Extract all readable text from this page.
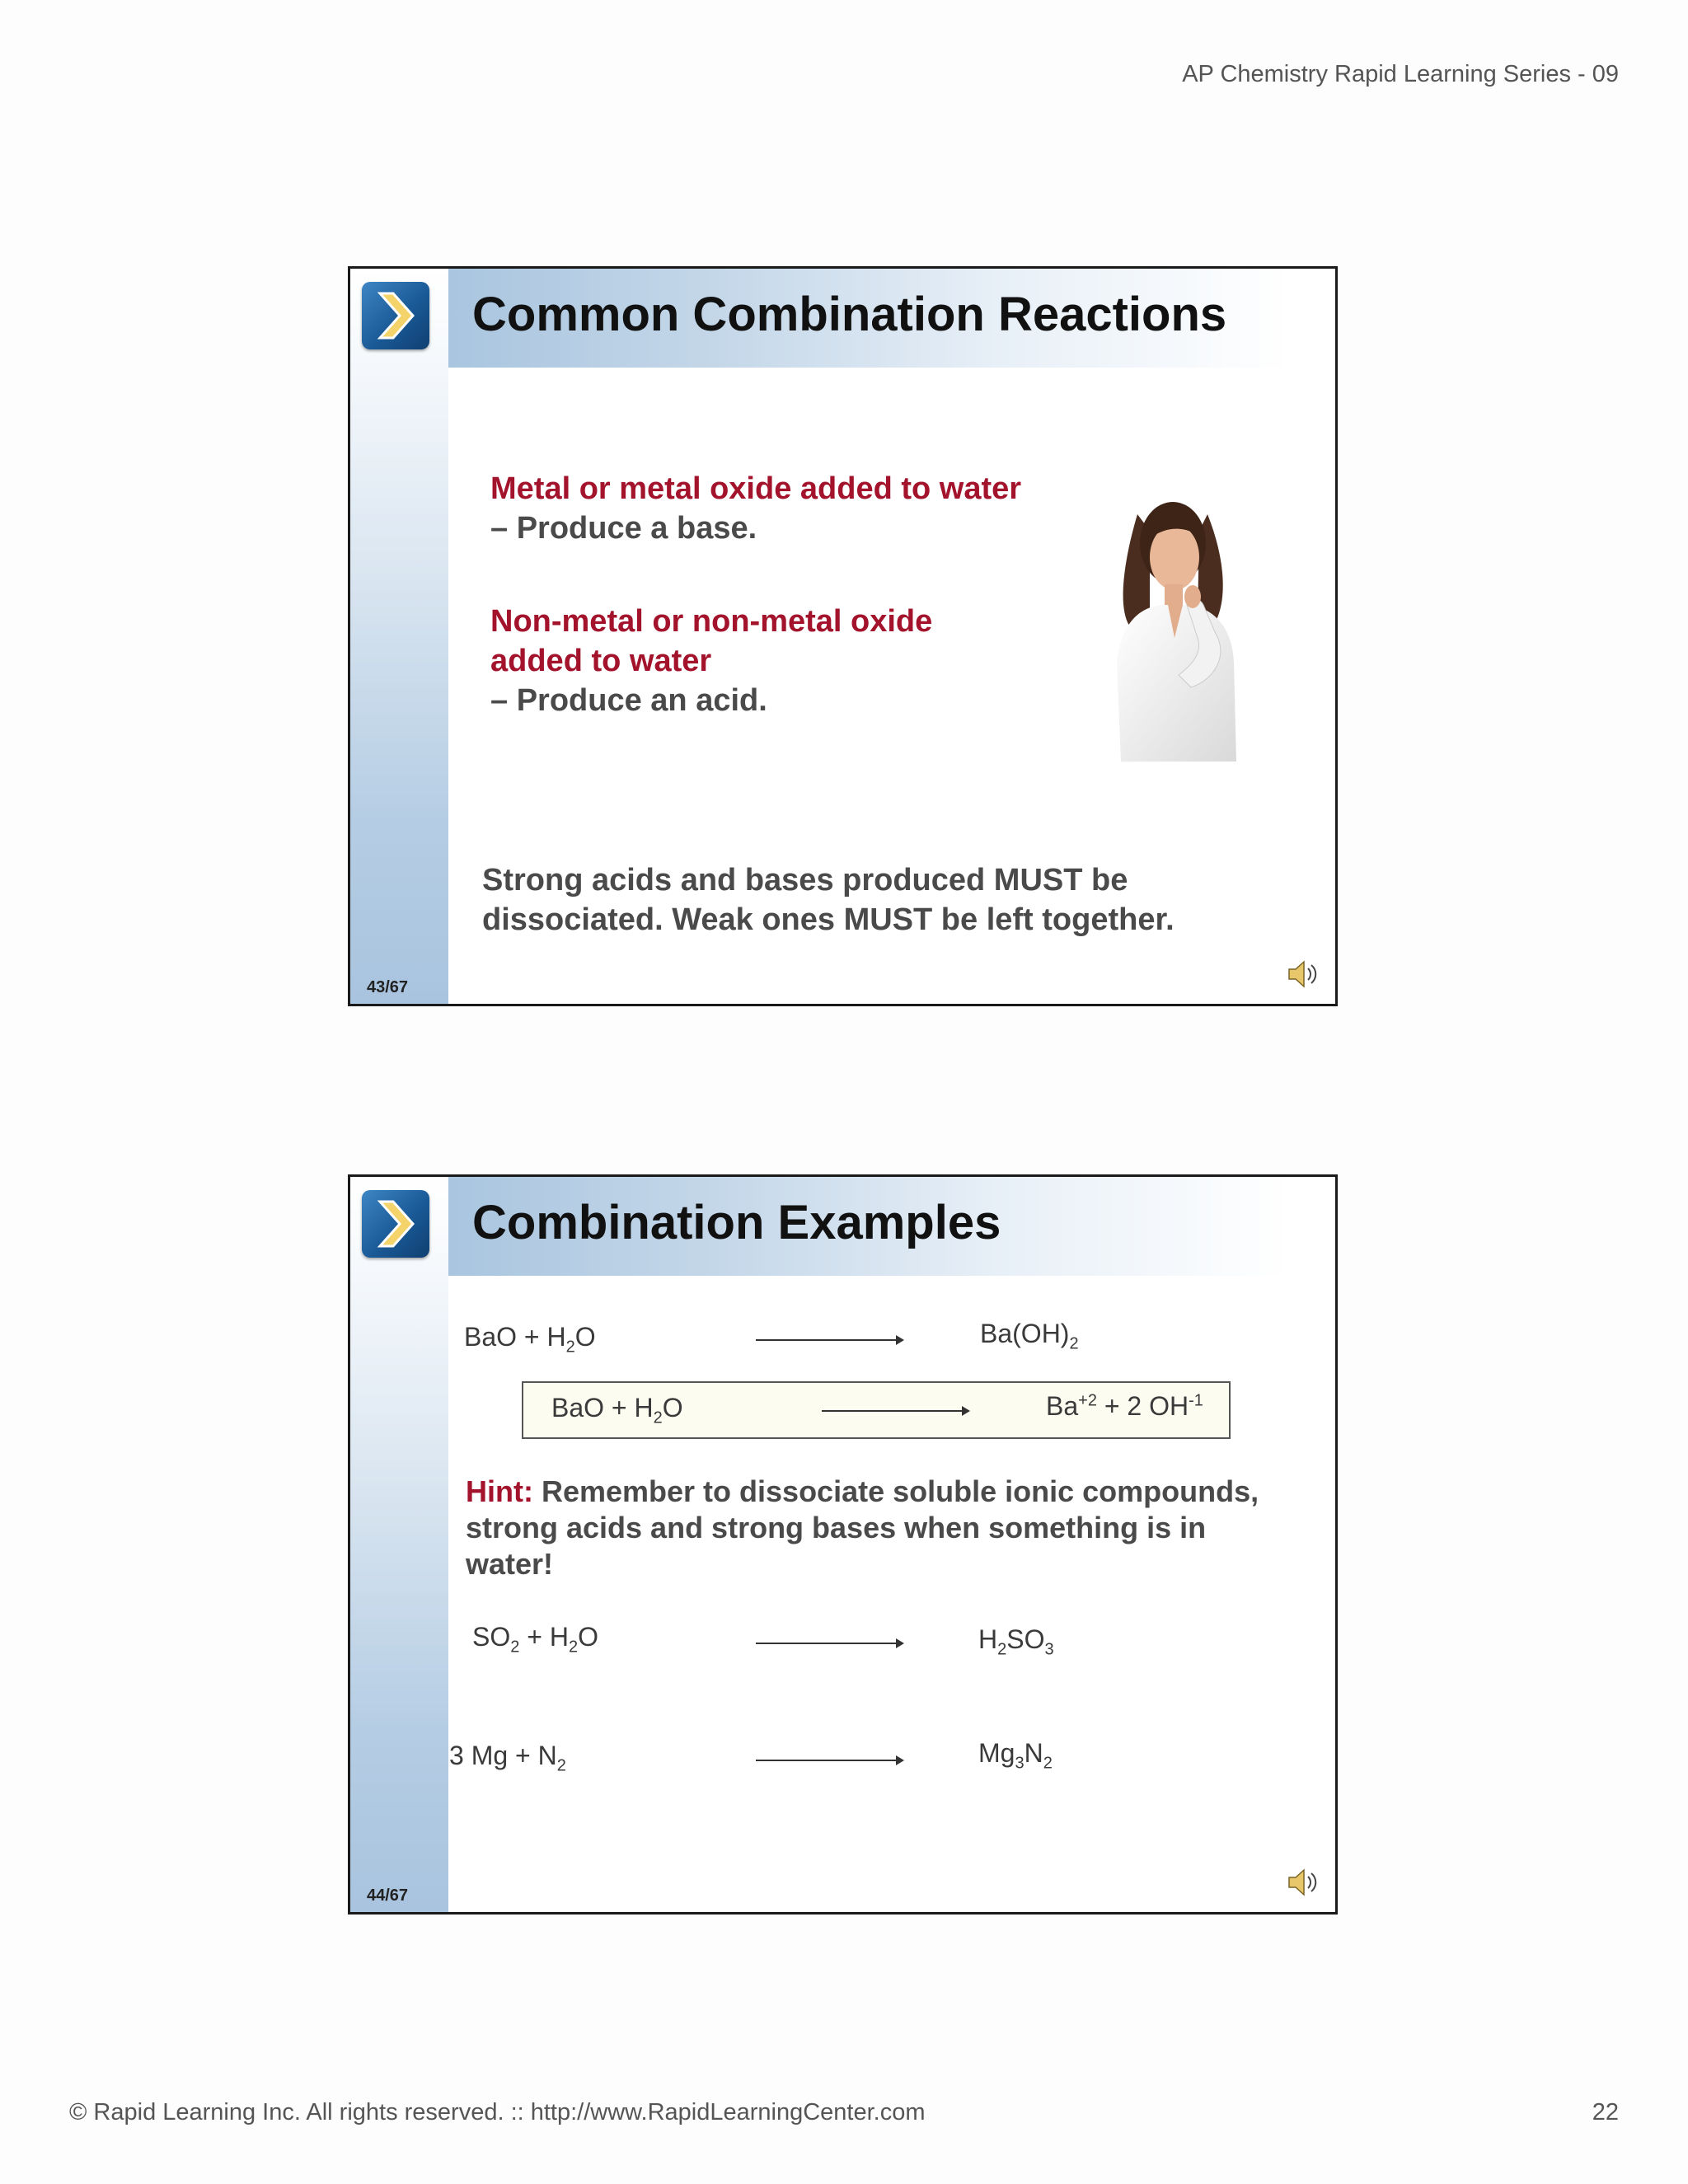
AP Chemistry Rapid Learning Series - 09
Common Combination Reactions
Metal or metal oxide added to water
– Produce a base.
Non-metal or non-metal oxide
added to water
– Produce an acid.
Strong acids and bases produced MUST be
dissociated. Weak ones MUST be left together.
43/67
Combination Examples
BaO + $H_2O$	$Ba(OH)_2$
BaO + $H_2O$	$Ba^{+2} + 2$ $OH^{-1}$
Hint: Remember to dissociate soluble ionic compounds, strong acids and strong bases when something is in water!
$SO_2 + H_2O$	$H_2SO_3$
3 $Mg + N_2$	$Mg_3N_2$
44/67
© Rapid Learning Inc. All rights reserved. :: http://www.RapidLearningCenter.com	22
